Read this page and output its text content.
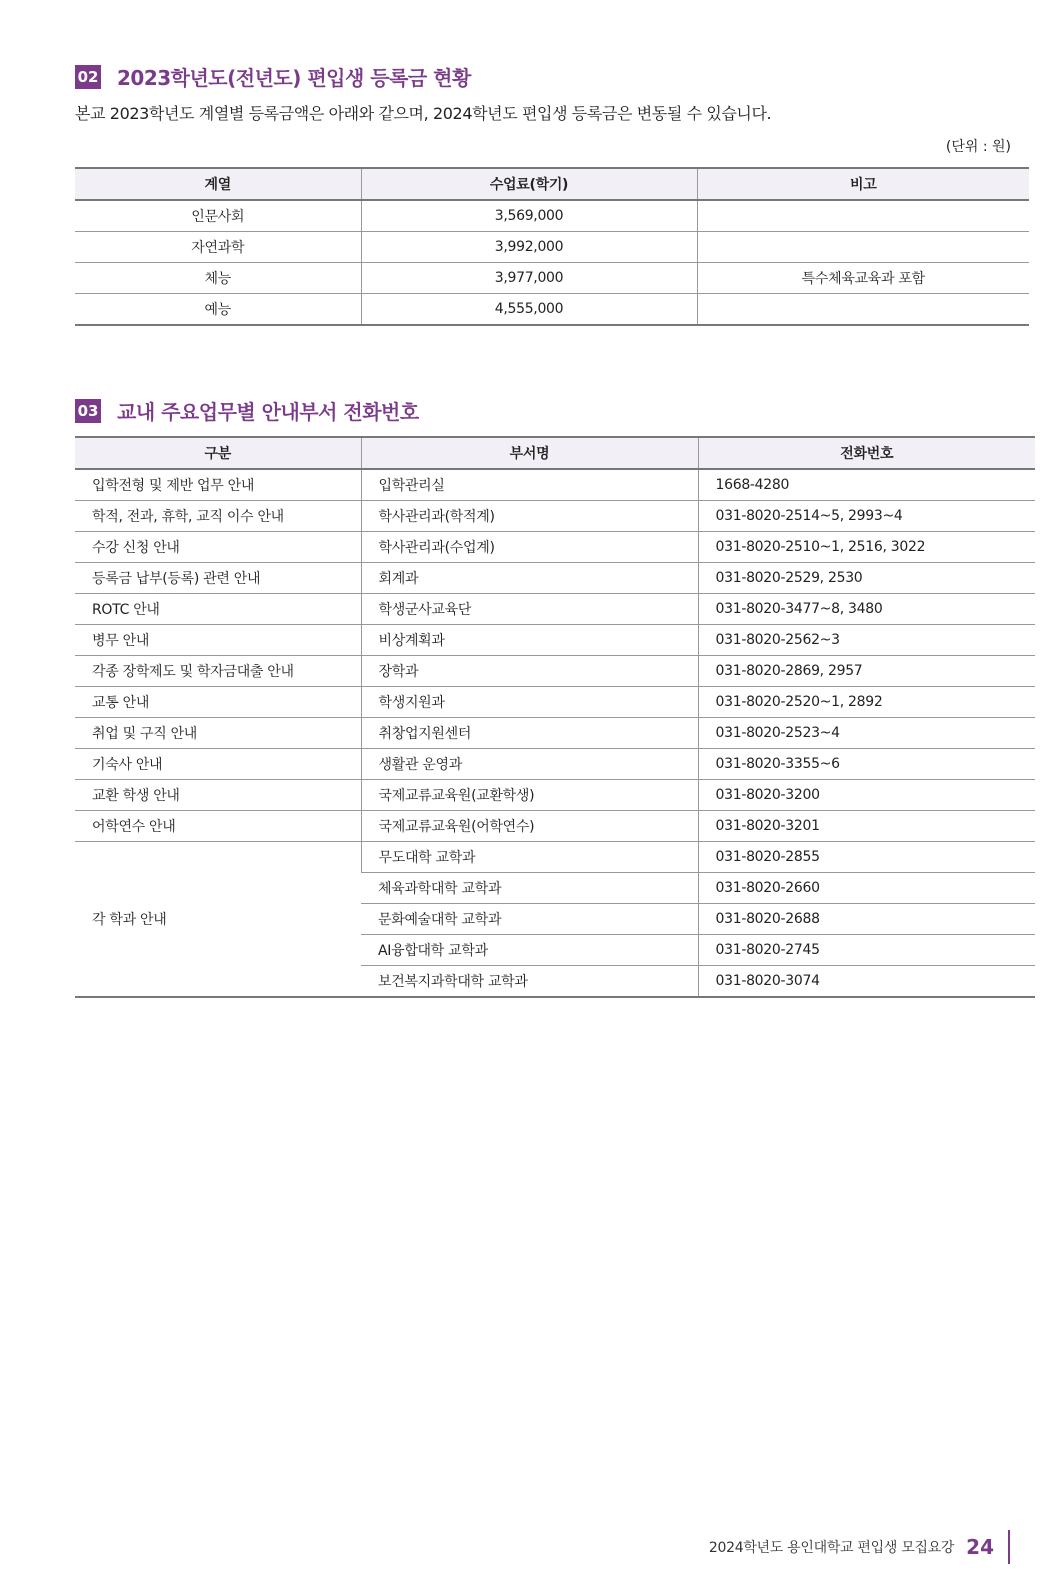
02 2023학년도(전년도) 편입생 등록금 현황
본교 2023학년도 계열별 등록금액은 아래와 같으며, 2024학년도 편입생 등록금은 변동될 수 있습니다.
(단위 : 원)
계열	수업료(학기)	비고
인문사회	3,569,000	
자연과학	3,992,000	
체능	3,977,000	특수체육교육과 포함
예능	4,555,000	
03 교내 주요업무별 안내부서 전화번호
구분	부서명	전화번호
입학전형 및 제반 업무 안내	입학관리실	1668-4280
학적, 전과, 휴학, 교직 이수 안내	학사관리과(학적계)	031-8020-2514~5, 2993~4
수강 신청 안내	학사관리과(수업계)	031-8020-2510~1, 2516, 3022
등록금 납부(등록) 관련 안내	회계과	031-8020-2529, 2530
ROTC 안내	학생군사교육단	031-8020-3477~8, 3480
병무 안내	비상계획과	031-8020-2562~3
각종 장학제도 및 학자금대출 안내	장학과	031-8020-2869, 2957
교통 안내	학생지원과	031-8020-2520~1, 2892
취업 및 구직 안내	취창업지원센터	031-8020-2523~4
기숙사 안내	생활관 운영과	031-8020-3355~6
교환 학생 안내	국제교류교육원(교환학생)	031-8020-3200
어학연수 안내	국제교류교육원(어학연수)	031-8020-3201
각 학과 안내	무도대학 교학과	031-8020-2855
	체육과학대학 교학과	031-8020-2660
	문화예술대학 교학과	031-8020-2688
	AI융합대학 교학과	031-8020-2745
	보건복지과학대학 교학과	031-8020-3074
2024학년도 용인대학교 편입생 모집요강 24
